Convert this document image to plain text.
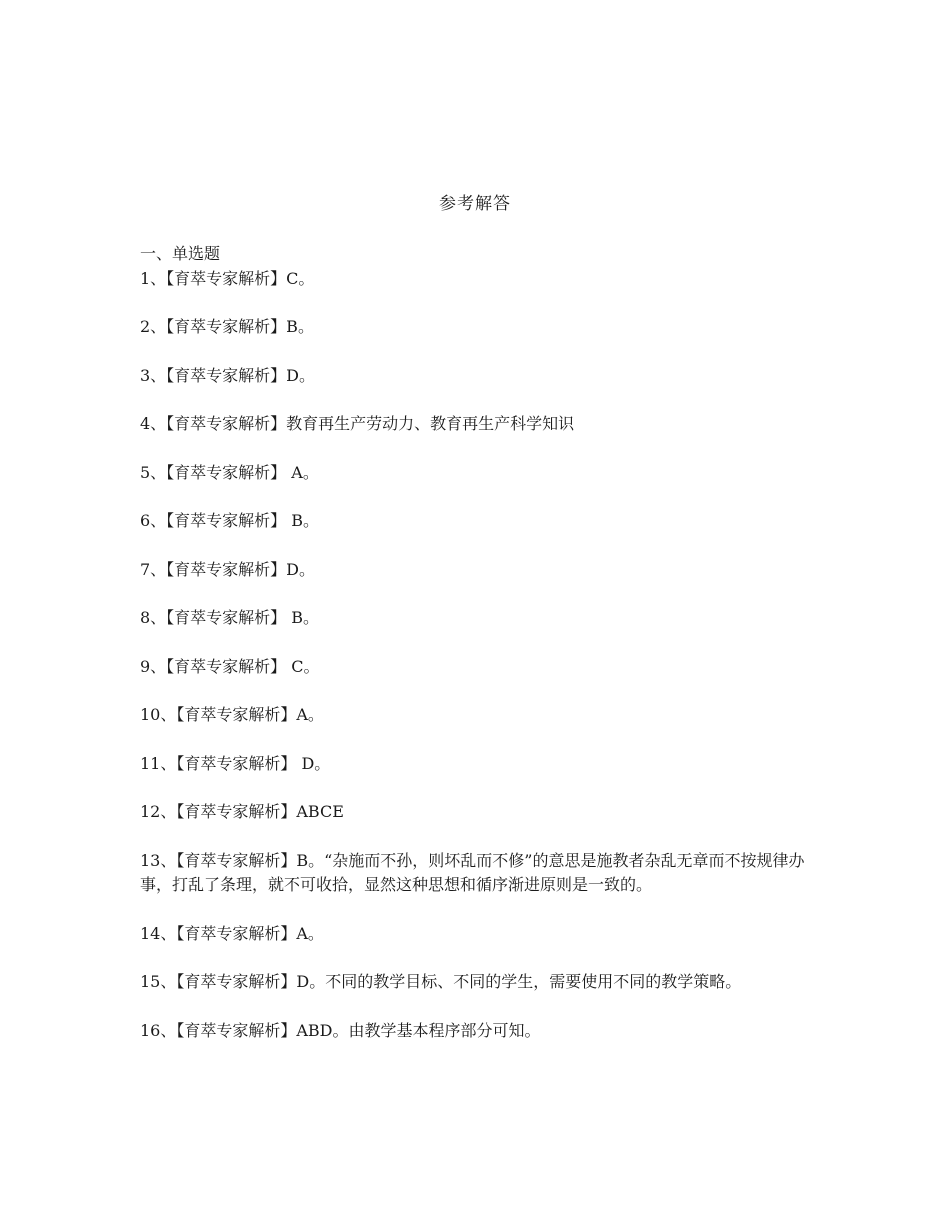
参考解答

一、单选题

1、【育萃专家解析】C。

2、【育萃专家解析】B。

3、【育萃专家解析】D。

4、【育萃专家解析】教育再生产劳动力、教育再生产科学知识

5、【育萃专家解析】 A。

6、【育萃专家解析】 B。

7、【育萃专家解析】D。

8、【育萃专家解析】 B。

9、【育萃专家解析】 C。

10、【育萃专家解析】A。

11、【育萃专家解析】 D。

12、【育萃专家解析】ABCE

13、【育萃专家解析】B。“杂施而不孙，则坏乱而不修”的意思是施教者杂乱无章而不按规律办事，打乱了条理，就不可收拾，显然这种思想和循序渐进原则是一致的。

14、【育萃专家解析】A。

15、【育萃专家解析】D。不同的教学目标、不同的学生，需要使用不同的教学策略。

16、【育萃专家解析】ABD。由教学基本程序部分可知。
